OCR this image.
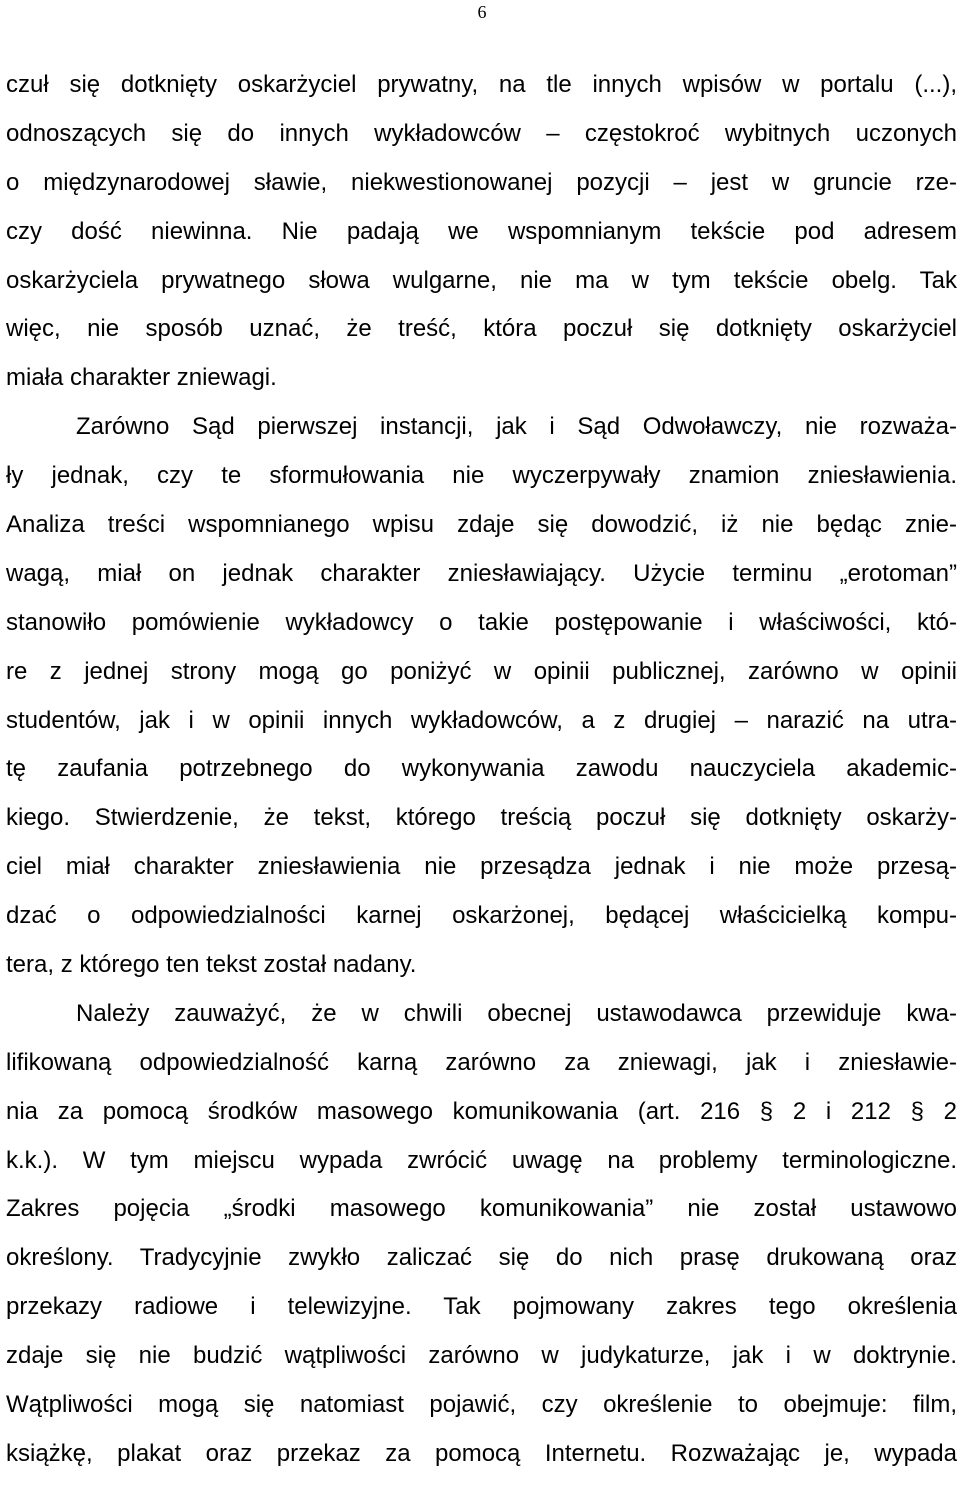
6
czuł się dotknięty oskarżyciel prywatny, na tle innych wpisów w portalu (...),
odnoszących się do innych wykładowców – częstokroć wybitnych uczonych
o międzynarodowej sławie, niekwestionowanej pozycji – jest w gruncie rze-
czy dość niewinna. Nie padają we wspomnianym tekście pod adresem
oskarżyciela prywatnego słowa wulgarne, nie ma w tym tekście obelg. Tak
więc, nie sposób uznać, że treść, która poczuł się dotknięty oskarżyciel
miała charakter zniewagi.
Zarówno Sąd pierwszej instancji, jak i Sąd Odwoławczy, nie rozważa-
ły jednak, czy te sformułowania nie wyczerpywały znamion zniesławienia.
Analiza treści wspomnianego wpisu zdaje się dowodzić, iż nie będąc znie-
wagą, miał on jednak charakter zniesławiający. Użycie terminu „erotoman”
stanowiło pomówienie wykładowcy o takie postępowanie i właściwości, któ-
re z jednej strony mogą go poniżyć w opinii publicznej, zarówno w opinii
studentów, jak i w opinii innych wykładowców, a z drugiej – narazić na utra-
tę zaufania potrzebnego do wykonywania zawodu nauczyciela akademic-
kiego. Stwierdzenie, że tekst, którego treścią poczuł się dotknięty oskarży-
ciel miał charakter zniesławienia nie przesądza jednak i nie może przesą-
dzać o odpowiedzialności karnej oskarżonej, będącej właścicielką kompu-
tera, z którego ten tekst został nadany.
Należy zauważyć, że w chwili obecnej ustawodawca przewiduje kwa-
lifikowaną odpowiedzialność karną zarówno za zniewagi, jak i zniesławie-
nia za pomocą środków masowego komunikowania (art. 216 § 2 i 212 § 2
k.k.). W tym miejscu wypada zwrócić uwagę na problemy terminologiczne.
Zakres pojęcia „środki masowego komunikowania” nie został ustawowo
określony. Tradycyjnie zwykło zaliczać się do nich prasę drukowaną oraz
przekazy radiowe i telewizyjne. Tak pojmowany zakres tego określenia
zdaje się nie budzić wątpliwości zarówno w judykaturze, jak i w doktrynie.
Wątpliwości mogą się natomiast pojawić, czy określenie to obejmuje: film,
książkę, plakat oraz przekaz za pomocą Internetu. Rozważając je, wypada
